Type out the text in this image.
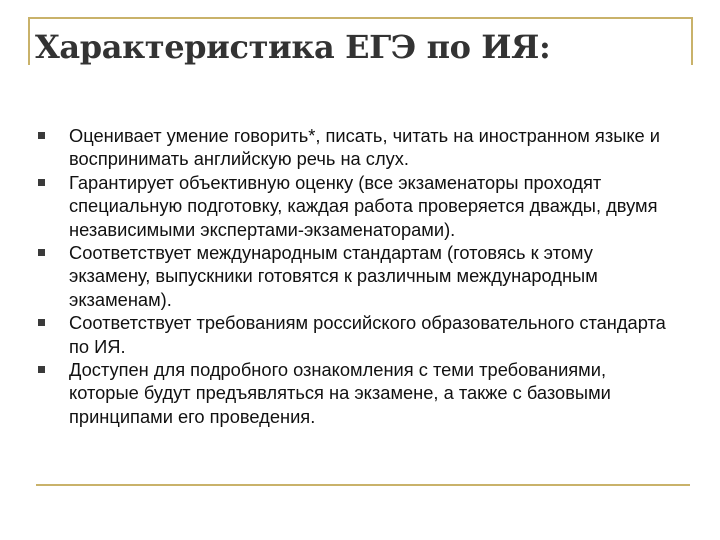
Характеристика ЕГЭ по ИЯ:
Оценивает умение говорить*, писать, читать на иностранном языке и воспринимать английскую речь на слух.
Гарантирует объективную оценку (все экзаменаторы проходят специальную подготовку, каждая работа проверяется дважды, двумя независимыми экспертами-экзаменаторами).
Соответствует международным стандартам (готовясь к этому экзамену, выпускники готовятся к различным международным экзаменам).
Соответствует требованиям российского образовательного стандарта по ИЯ.
Доступен для подробного ознакомления с теми требованиями, которые будут предъявляться на экзамене, а также с базовыми принципами его проведения.
